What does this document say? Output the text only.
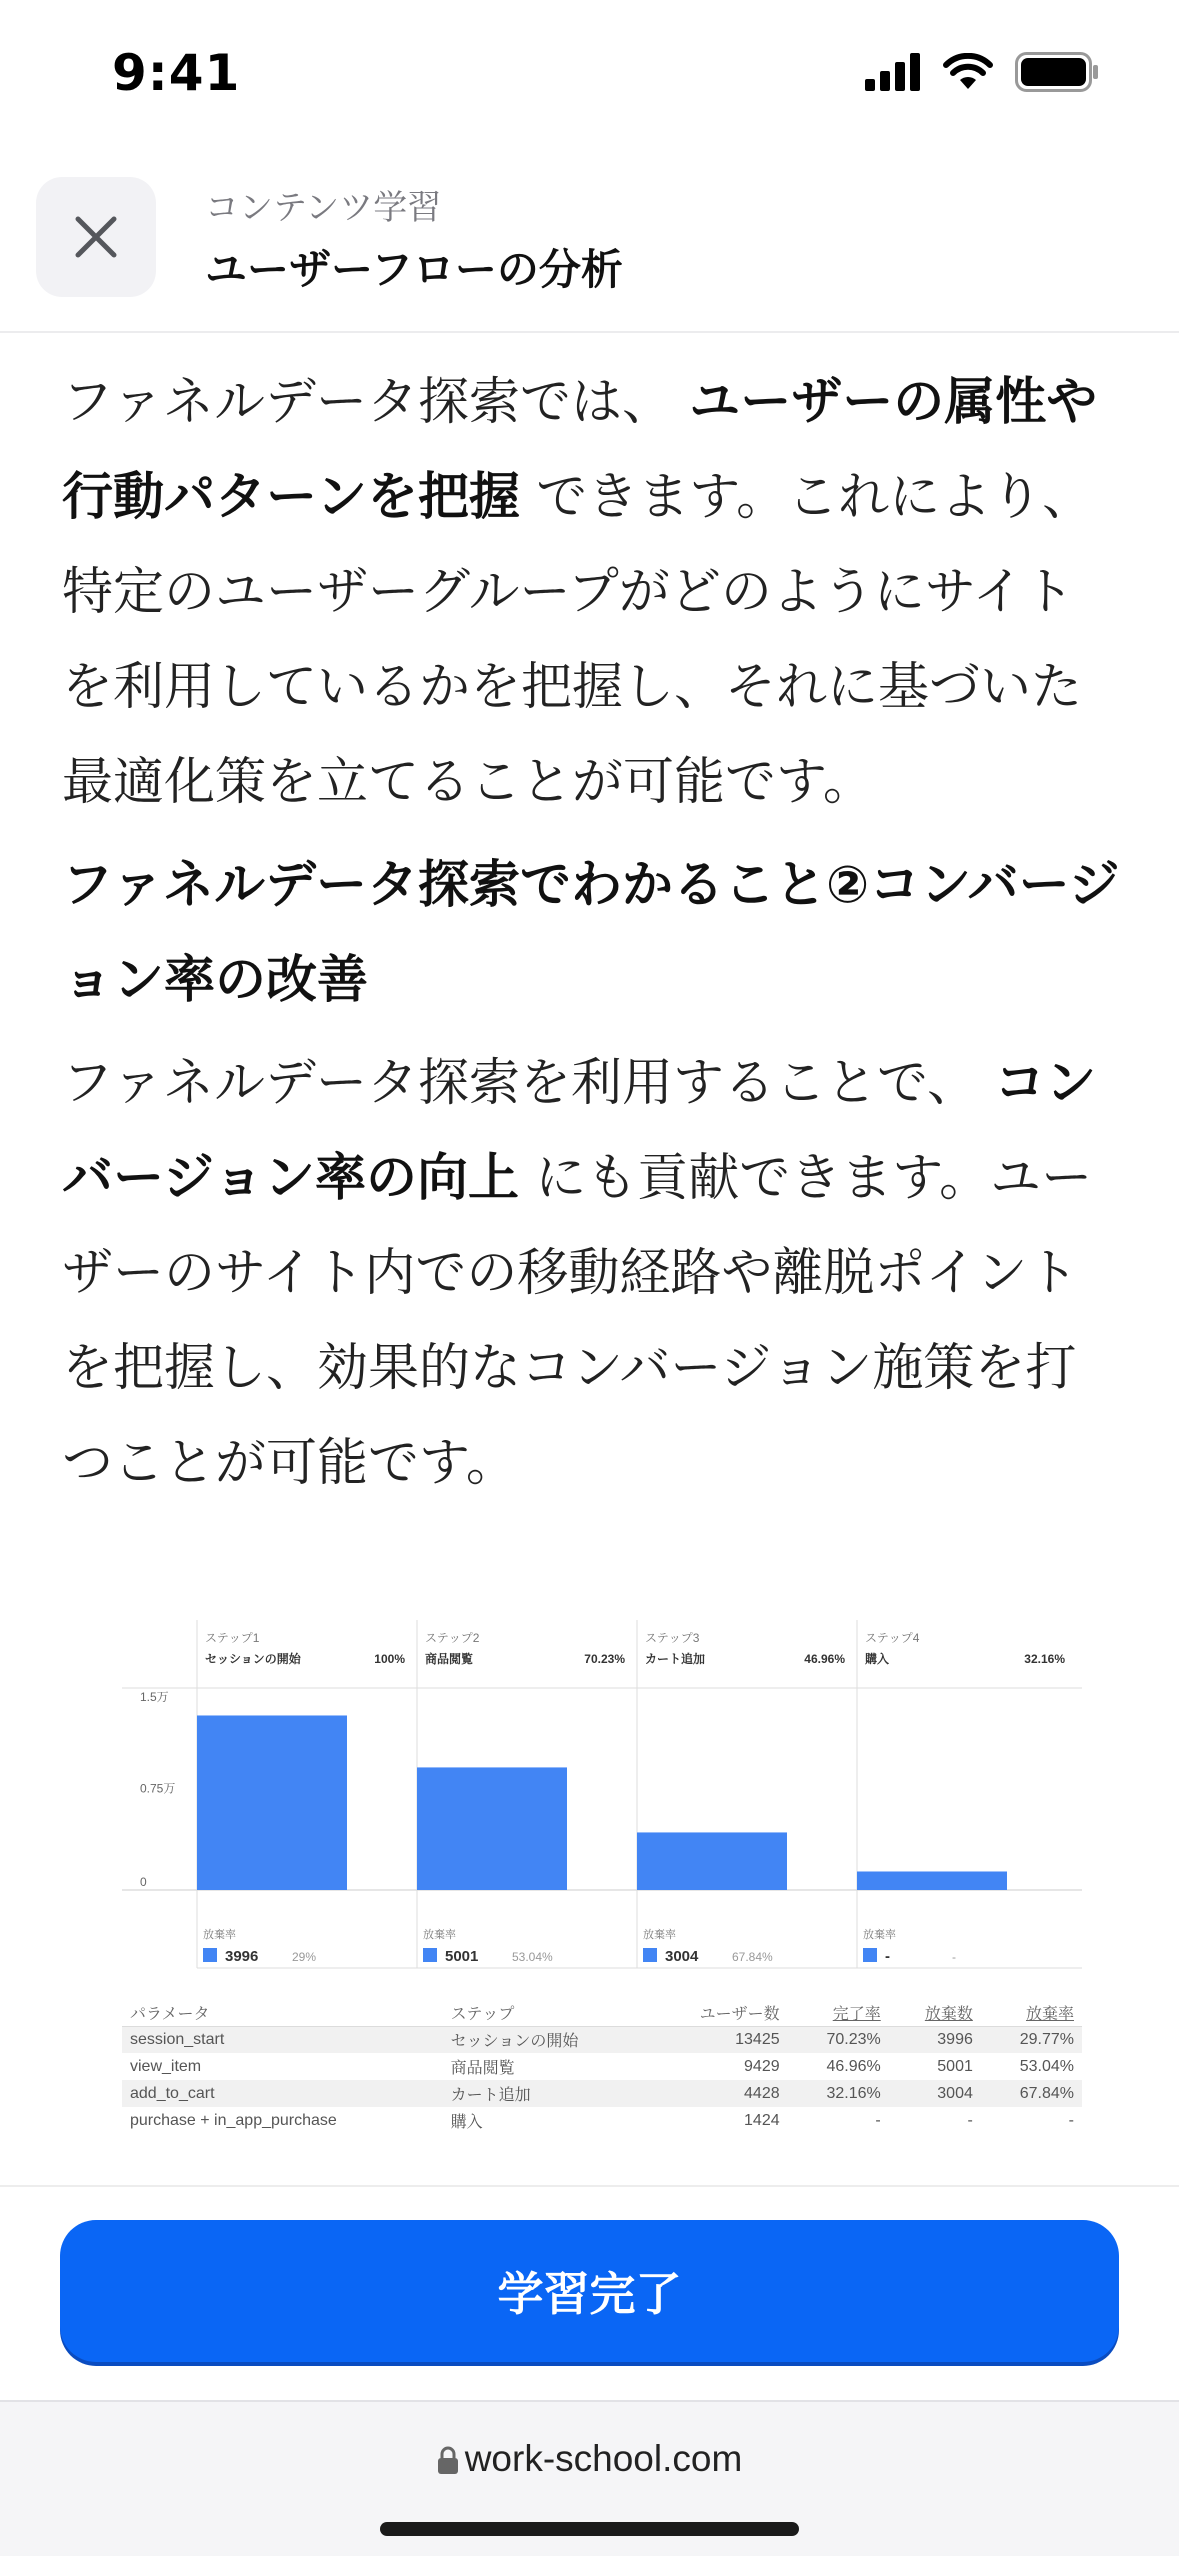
9:41
コンテンツ学習
ユーザーフローの分析

ファネルデータ探索では、 ユーザーの属性や行動パターンを把握 できます。これにより、特定のユーザーグループがどのようにサイトを利用しているかを把握し、それに基づいた最適化策を立てることが可能です。

ファネルデータ探索でわかること②コンバージョン率の改善

ファネルデータ探索を利用することで、 コンバージョン率の向上 にも貢献できます。ユーザーのサイト内での移動経路や離脱ポイントを把握し、効果的なコンバージョン施策を打つことが可能です。

1.5万
0.75万
0
ステップ1
セッションの開始	100%
放棄率
3996	29%
ステップ2
商品閲覧	70.23%
放棄率
5001	53.04%
ステップ3
カート追加	46.96%
放棄率
3004	67.84%
ステップ4
購入	32.16%
放棄率
-	-
パラメータ	ステップ	ユーザー数	完了率	放棄数	放棄率
session_start	セッションの開始	13425	70.23%	3996	29.77%
view_item	商品閲覧	9429	46.96%	5001	53.04%
add_to_cart	カート追加	4428	32.16%	3004	67.84%
purchase + in_app_purchase	購入	1424	-	-	-
学習完了
work-school.com
